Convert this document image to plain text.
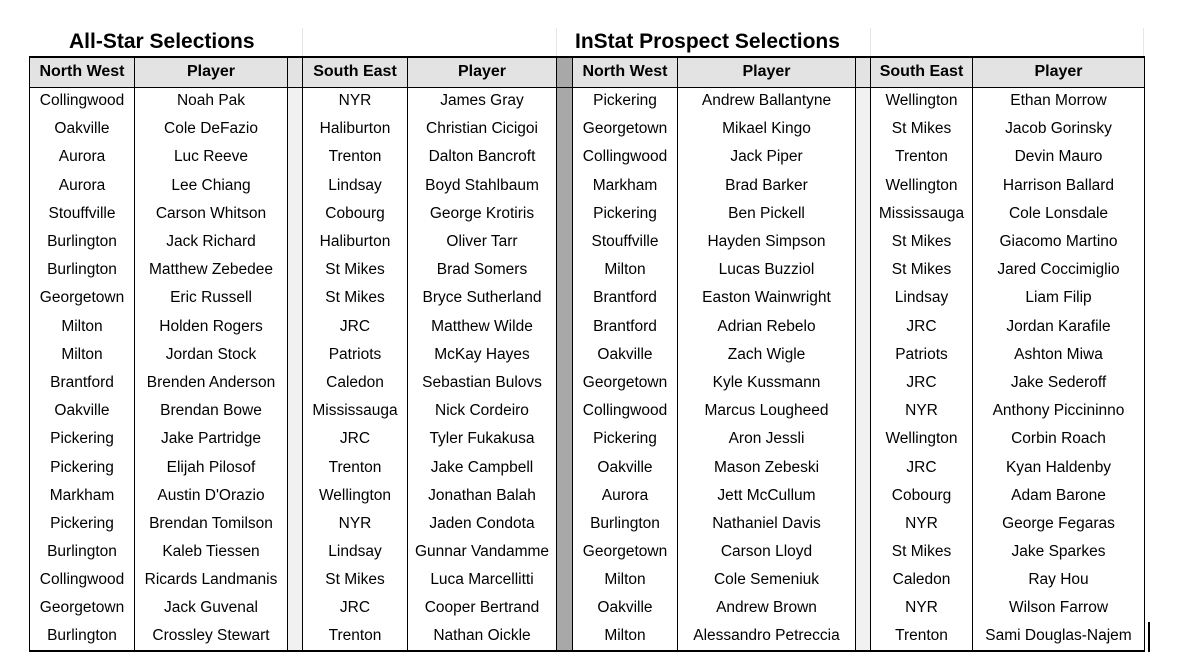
All-Star Selections	InStat Prospect Selections
North West	Player		South East	Player		North West	Player		South East	Player
Collingwood	Noah Pak		NYR	James Gray		Pickering	Andrew Ballantyne		Wellington	Ethan Morrow
Oakville	Cole DeFazio		Haliburton	Christian Cicigoi		Georgetown	Mikael Kingo		St Mikes	Jacob Gorinsky
Aurora	Luc Reeve		Trenton	Dalton Bancroft		Collingwood	Jack Piper		Trenton	Devin Mauro
Aurora	Lee Chiang		Lindsay	Boyd Stahlbaum		Markham	Brad Barker		Wellington	Harrison Ballard
Stouffville	Carson Whitson		Cobourg	George Krotiris		Pickering	Ben Pickell		Mississauga	Cole Lonsdale
Burlington	Jack Richard		Haliburton	Oliver Tarr		Stouffville	Hayden Simpson		St Mikes	Giacomo Martino
Burlington	Matthew Zebedee		St Mikes	Brad Somers		Milton	Lucas Buzziol		St Mikes	Jared Coccimiglio
Georgetown	Eric Russell		St Mikes	Bryce Sutherland		Brantford	Easton Wainwright		Lindsay	Liam Filip
Milton	Holden Rogers		JRC	Matthew Wilde		Brantford	Adrian Rebelo		JRC	Jordan Karafile
Milton	Jordan Stock		Patriots	McKay Hayes		Oakville	Zach Wigle		Patriots	Ashton Miwa
Brantford	Brenden Anderson		Caledon	Sebastian Bulovs		Georgetown	Kyle Kussmann		JRC	Jake Sederoff
Oakville	Brendan Bowe		Mississauga	Nick Cordeiro		Collingwood	Marcus Lougheed		NYR	Anthony Piccininno
Pickering	Jake Partridge		JRC	Tyler Fukakusa		Pickering	Aron Jessli		Wellington	Corbin Roach
Pickering	Elijah Pilosof		Trenton	Jake Campbell		Oakville	Mason Zebeski		JRC	Kyan Haldenby
Markham	Austin D'Orazio		Wellington	Jonathan Balah		Aurora	Jett McCullum		Cobourg	Adam Barone
Pickering	Brendan Tomilson		NYR	Jaden Condota		Burlington	Nathaniel Davis		NYR	George Fegaras
Burlington	Kaleb Tiessen		Lindsay	Gunnar Vandamme		Georgetown	Carson Lloyd		St Mikes	Jake Sparkes
Collingwood	Ricards Landmanis		St Mikes	Luca Marcellitti		Milton	Cole Semeniuk		Caledon	Ray Hou
Georgetown	Jack Guvenal		JRC	Cooper Bertrand		Oakville	Andrew Brown		NYR	Wilson Farrow
Burlington	Crossley Stewart		Trenton	Nathan Oickle		Milton	Alessandro Petreccia		Trenton	Sami Douglas-Najem
